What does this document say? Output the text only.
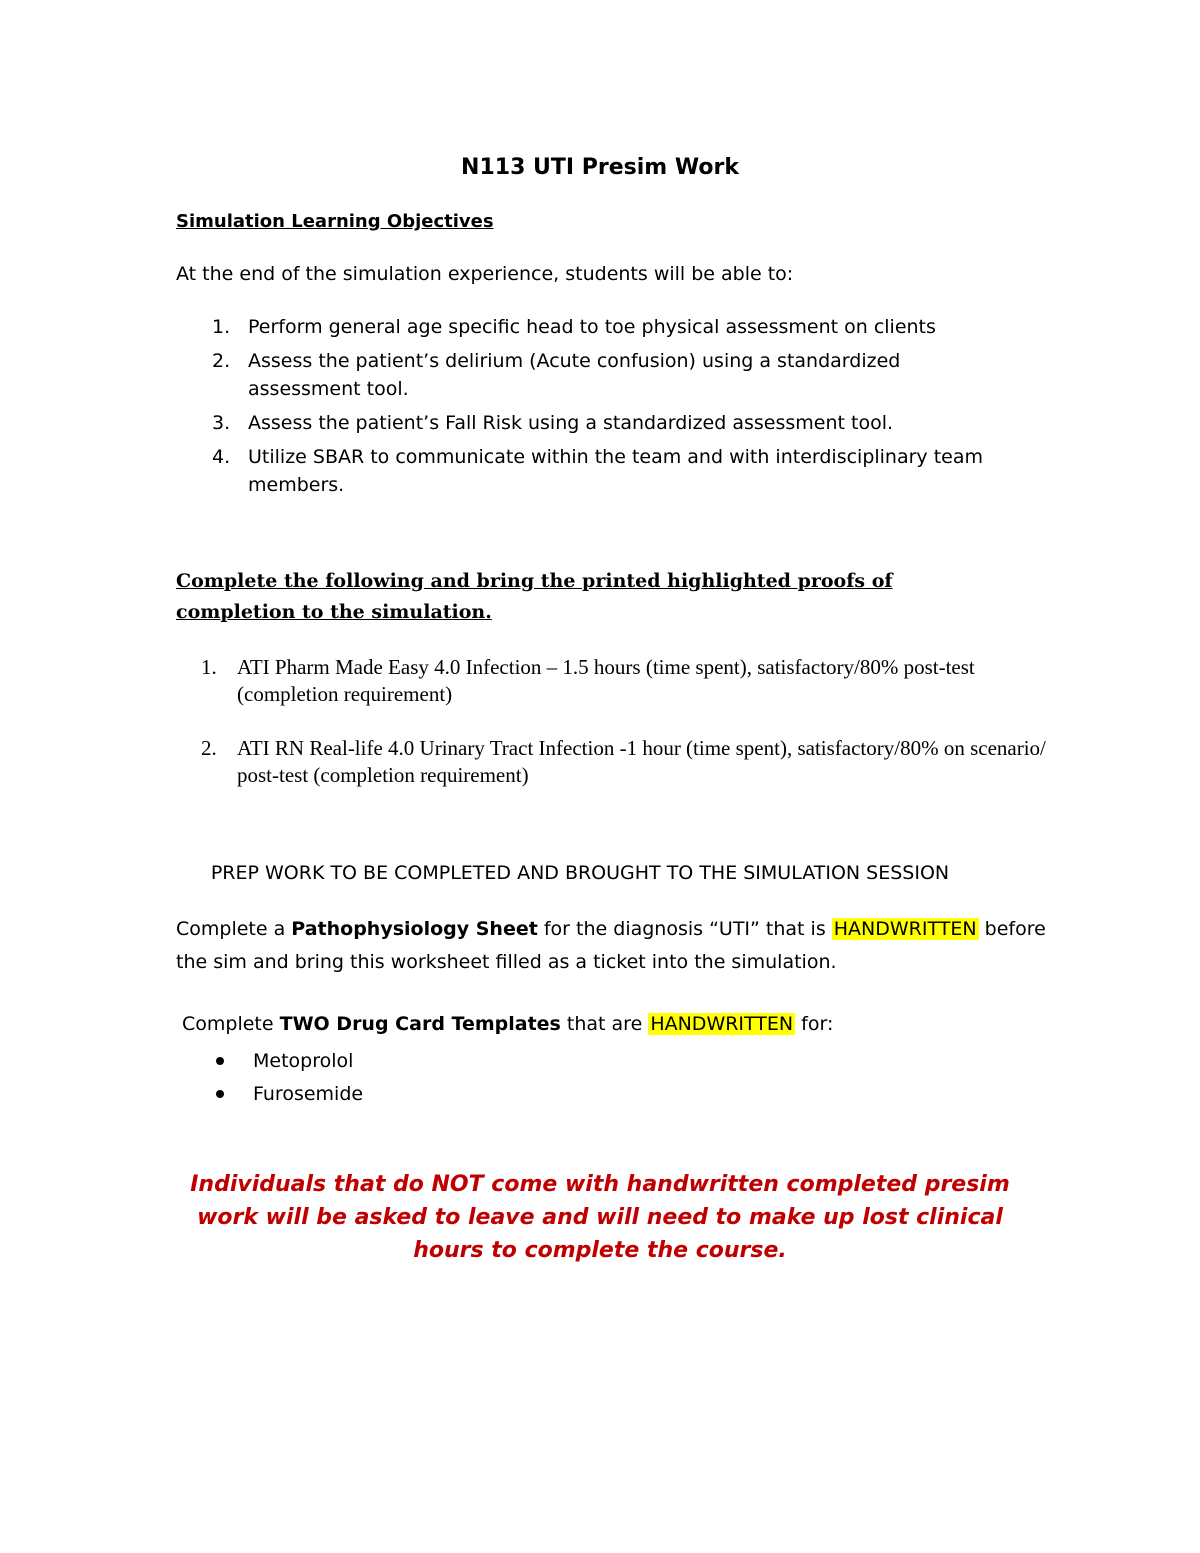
N113 UTI Presim Work
Simulation Learning Objectives
At the end of the simulation experience, students will be able to:
1. Perform general age specific head to toe physical assessment on clients
2. Assess the patient’s delirium (Acute confusion) using a standardized assessment tool.
3. Assess the patient’s Fall Risk using a standardized assessment tool.
4. Utilize SBAR to communicate within the team and with interdisciplinary team members.
Complete the following and bring the printed highlighted proofs of completion to the simulation.
1. ATI Pharm Made Easy 4.0 Infection – 1.5 hours (time spent), satisfactory/80% post-test (completion requirement)
2. ATI RN Real-life 4.0 Urinary Tract Infection -1 hour (time spent), satisfactory/80% on scenario/ post-test (completion requirement)
PREP WORK TO BE COMPLETED AND BROUGHT TO THE SIMULATION SESSION
Complete a Pathophysiology Sheet for the diagnosis “UTI” that is HANDWRITTEN before the sim and bring this worksheet filled as a ticket into the simulation.
Complete TWO Drug Card Templates that are HANDWRITTEN for:
Metoprolol
Furosemide
Individuals that do NOT come with handwritten completed presim work will be asked to leave and will need to make up lost clinical hours to complete the course.
